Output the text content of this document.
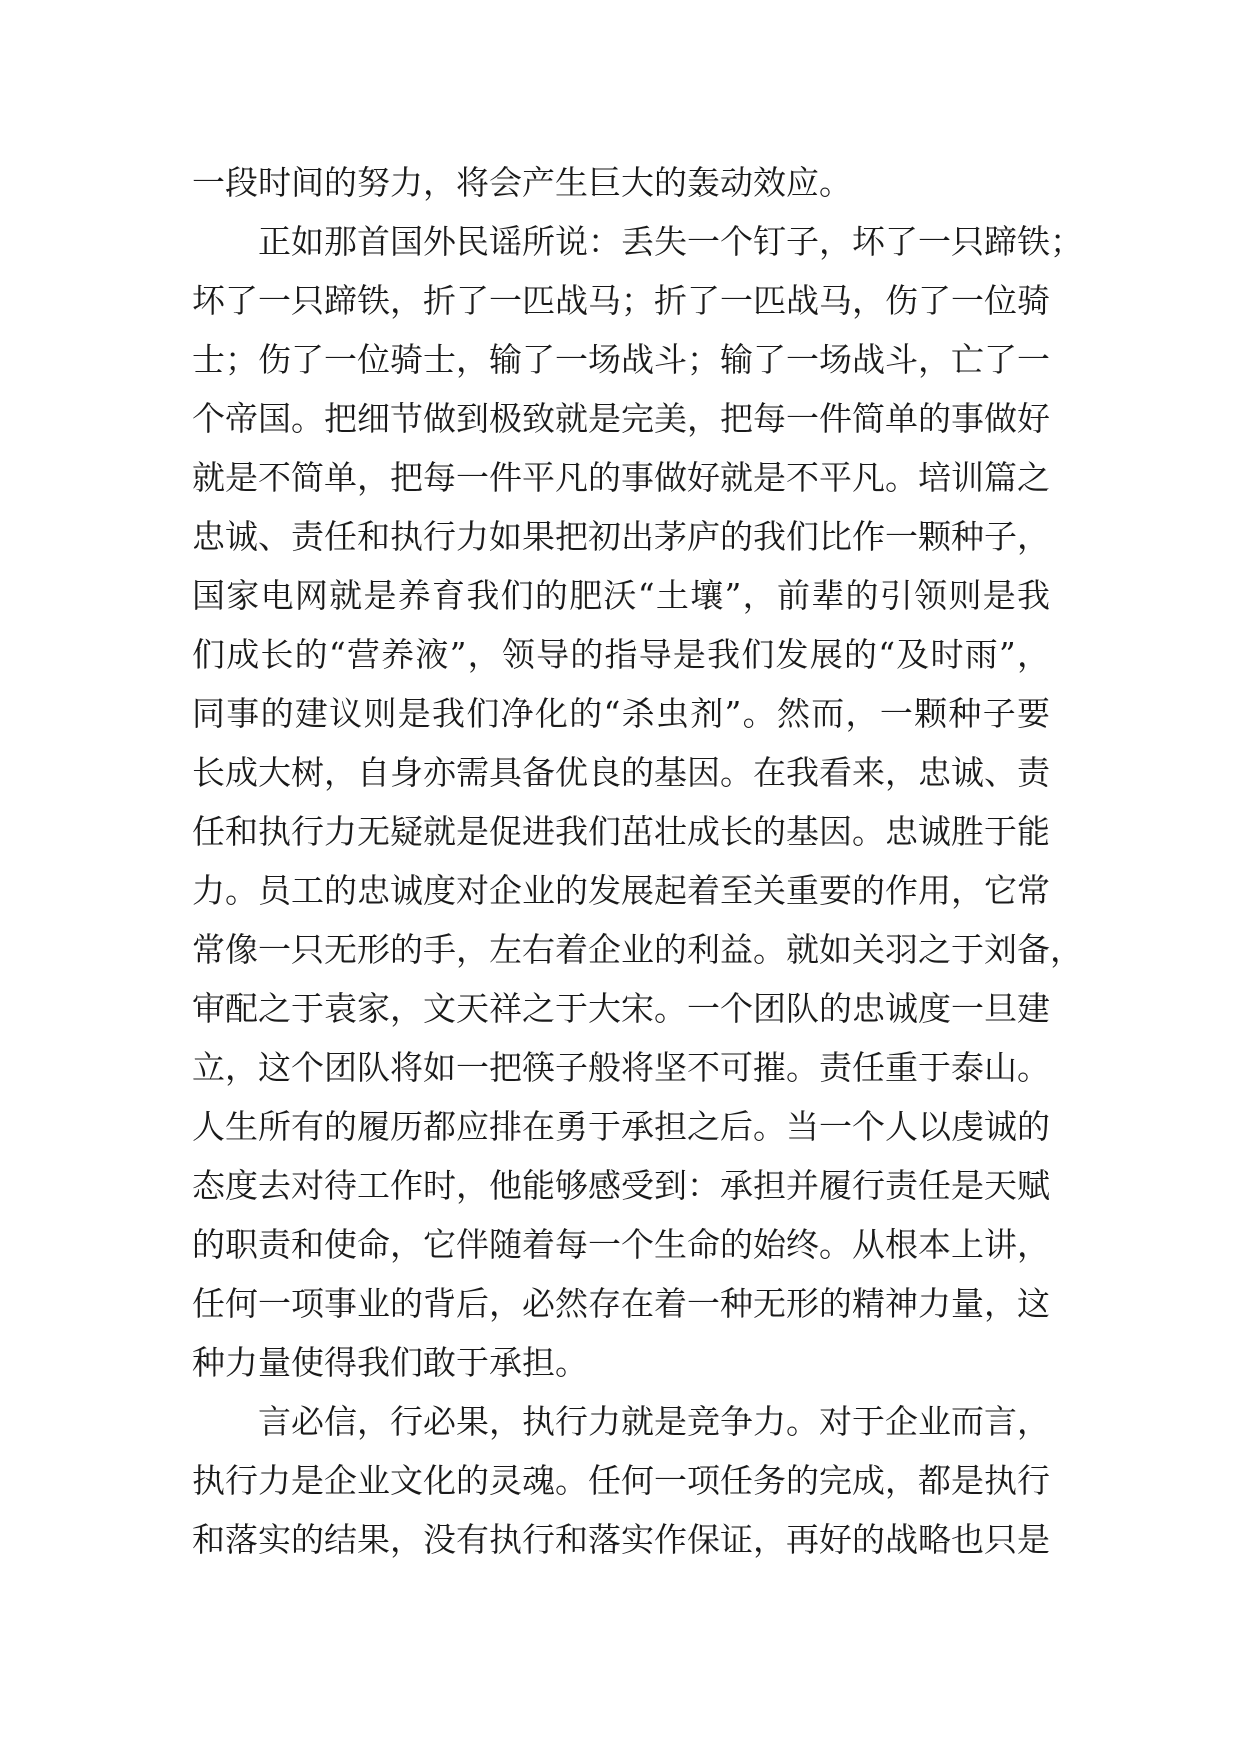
一段时间的努力，将会产生巨大的轰动效应。
正如那首国外民谣所说：丢失一个钉子，坏了一只蹄铁；
坏了一只蹄铁，折了一匹战马；折了一匹战马，伤了一位骑
士；伤了一位骑士，输了一场战斗；输了一场战斗，亡了一
个帝国。把细节做到极致就是完美，把每一件简单的事做好
就是不简单，把每一件平凡的事做好就是不平凡。培训篇之
忠诚、责任和执行力如果把初出茅庐的我们比作一颗种子，
国家电网就是养育我们的肥沃“土壤”，前辈的引领则是我
们成长的“营养液”，领导的指导是我们发展的“及时雨”，
同事的建议则是我们净化的“杀虫剂”。然而，一颗种子要
长成大树，自身亦需具备优良的基因。在我看来，忠诚、责
任和执行力无疑就是促进我们茁壮成长的基因。忠诚胜于能
力。员工的忠诚度对企业的发展起着至关重要的作用，它常
常像一只无形的手，左右着企业的利益。就如关羽之于刘备，
审配之于袁家，文天祥之于大宋。一个团队的忠诚度一旦建
立，这个团队将如一把筷子般将坚不可摧。责任重于泰山。
人生所有的履历都应排在勇于承担之后。当一个人以虔诚的
态度去对待工作时，他能够感受到：承担并履行责任是天赋
的职责和使命，它伴随着每一个生命的始终。从根本上讲，
任何一项事业的背后，必然存在着一种无形的精神力量，这
种力量使得我们敢于承担。
言必信，行必果，执行力就是竞争力。对于企业而言，
执行力是企业文化的灵魂。任何一项任务的完成，都是执行
和落实的结果，没有执行和落实作保证，再好的战略也只是
